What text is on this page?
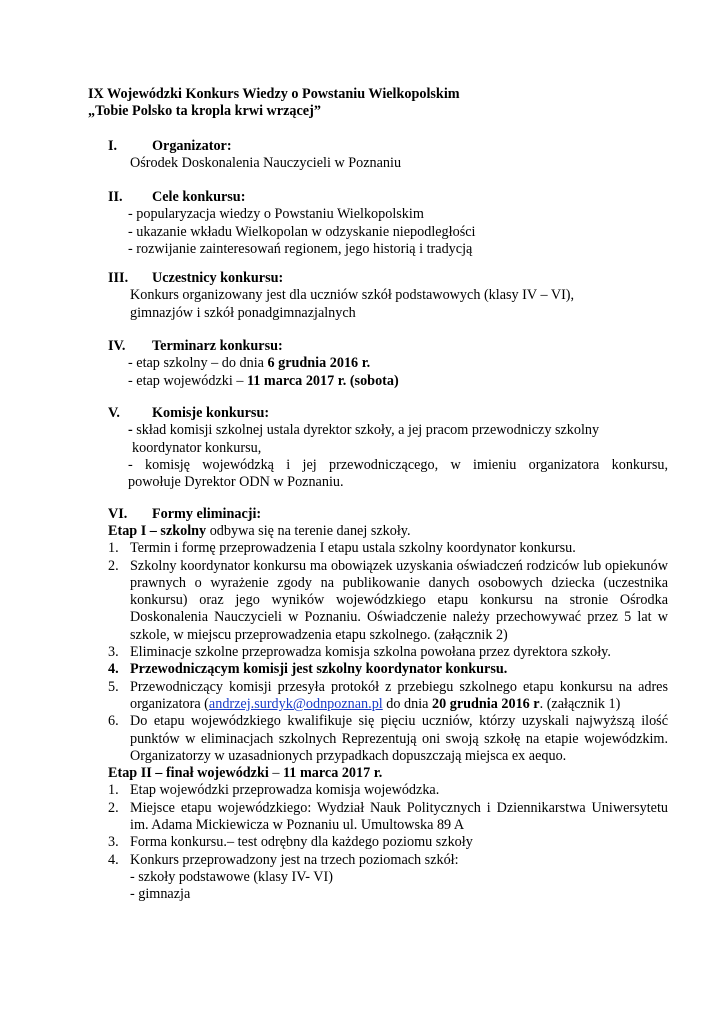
IX Wojewódzki Konkurs Wiedzy o Powstaniu Wielkopolskim
„Tobie Polsko ta kropla krwi wrzącej”
I. Organizator:
Ośrodek Doskonalenia Nauczycieli w Poznaniu
II. Cele konkursu:
- popularyzacja wiedzy o Powstaniu Wielkopolskim
- ukazanie wkładu Wielkopolan w odzyskanie niepodległości
- rozwijanie zainteresowań regionem, jego historią i tradycją
III. Uczestnicy konkursu:
Konkurs organizowany jest dla uczniów szkół podstawowych (klasy IV – VI),
gimnazjów i szkół ponadgimnazjalnych
IV. Terminarz konkursu:
- etap szkolny – do dnia 6 grudnia 2016 r.
- etap wojewódzki – 11 marca 2017 r. (sobota)
V. Komisje konkursu:
- skład komisji szkolnej ustala dyrektor szkoły, a jej pracom przewodniczy szkolny
koordynator konkursu,
- komisję wojewódzką i jej przewodniczącego, w imieniu organizatora konkursu,
powołuje Dyrektor ODN w Poznaniu.
VI. Formy eliminacji:
Etap I – szkolny odbywa się na terenie danej szkoły.
1. Termin i formę przeprowadzenia I etapu ustala szkolny koordynator konkursu.
2. Szkolny koordynator konkursu ma obowiązek uzyskania oświadczeń rodziców lub opiekunów prawnych o wyrażenie zgody na publikowanie danych osobowych dziecka (uczestnika konkursu) oraz jego wyników wojewódzkiego etapu konkursu na stronie Ośrodka Doskonalenia Nauczycieli w Poznaniu. Oświadczenie należy przechowywać przez 5 lat w szkole, w miejscu przeprowadzenia etapu szkolnego. (załącznik 2)
3. Eliminacje szkolne przeprowadza komisja szkolna powołana przez dyrektora szkoły.
4. Przewodniczącym komisji jest szkolny koordynator konkursu.
5. Przewodniczący komisji przesyła protokół z przebiegu szkolnego etapu konkursu na adres organizatora (andrzej.surdyk@odnpoznan.pl do dnia 20 grudnia 2016 r. (załącznik 1)
6. Do etapu wojewódzkiego kwalifikuje się pięciu uczniów, którzy uzyskali najwyższą ilość punktów w eliminacjach szkolnych Reprezentują oni swoją szkołę na etapie wojewódzkim. Organizatorzy w uzasadnionych przypadkach dopuszczają miejsca ex aequo.
Etap II – finał wojewódzki – 11 marca 2017 r.
1. Etap wojewódzki przeprowadza komisja wojewódzka.
2. Miejsce etapu wojewódzkiego: Wydział Nauk Politycznych i Dziennikarstwa Uniwersytetu im. Adama Mickiewicza w Poznaniu ul. Umultowska 89 A
3. Forma konkursu.– test odrębny dla każdego poziomu szkoły
4. Konkurs przeprowadzony jest na trzech poziomach szkół:
- szkoły podstawowe (klasy IV- VI)
- gimnazja
